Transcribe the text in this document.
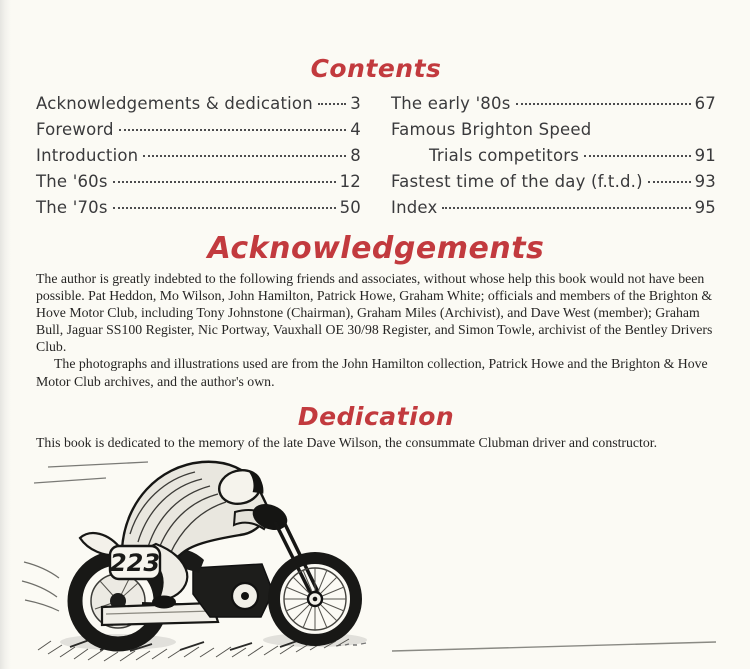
Contents
Acknowledgements & dedication 3
Foreword	4
Introduction	8
The '60s	12
The '70s	50
The early '80s	67
Famous Brighton Speed
Trials competitors	91
Fastest time of the day (f.t.d.)	93
Index	95
Acknowledgements

The author is greatly indebted to the following friends and associates, without whose help this book would not have been possible. Pat Heddon, Mo Wilson, John Hamilton, Patrick Howe, Graham White; officials and members of the Brighton & Hove Motor Club, including Tony Johnstone (Chairman), Graham Miles (Archivist), and Dave West (member); Graham Bull, Jaguar SS100 Register, Nic Portway, Vauxhall OE 30/98 Register, and Simon Towle, archivist of the Bentley Drivers Club.

The photographs and illustrations used are from the John Hamilton collection, Patrick Howe and the Brighton & Hove Motor Club archives, and the author's own.

Dedication

This book is dedicated to the memory of the late Dave Wilson, the consummate Clubman driver and constructor.

223
